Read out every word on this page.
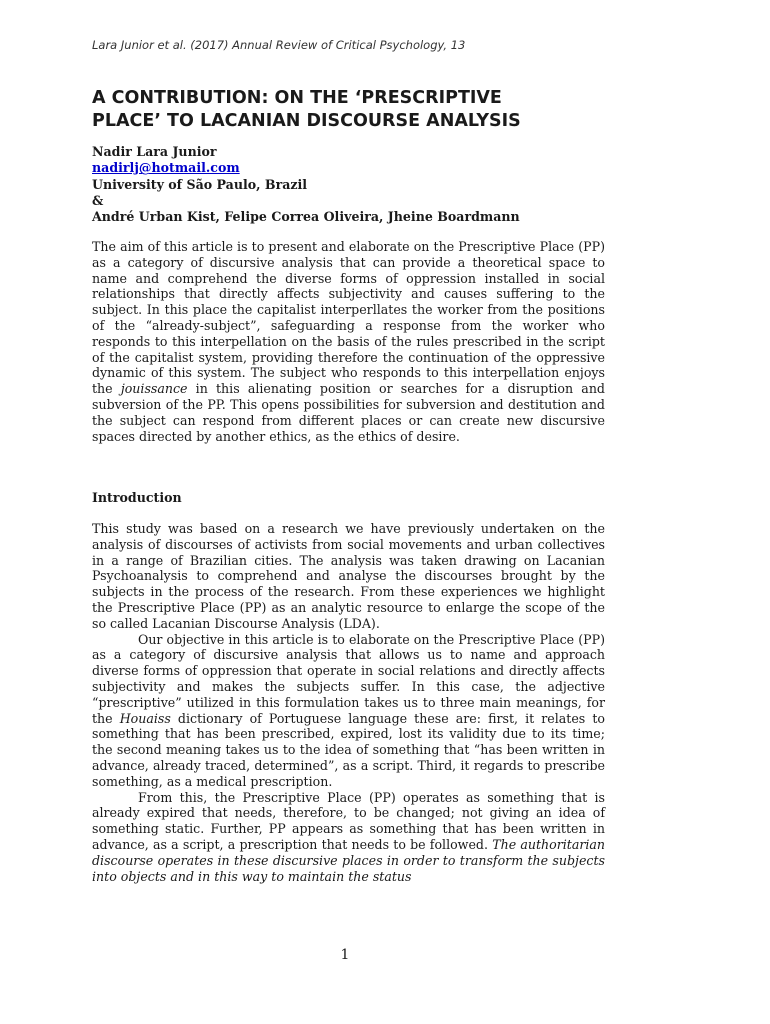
Lara Junior et al. (2017) Annual Review of Critical Psychology, 13
A CONTRIBUTION: ON THE ‘PRESCRIPTIVE
PLACE’ TO LACANIAN DISCOURSE ANALYSIS
Nadir Lara Junior
nadirlj@hotmail.com
University of São Paulo, Brazil
&
André Urban Kist, Felipe Correa Oliveira, Jheine Boardmann

The aim of this article is to present and elaborate on the Prescriptive Place (PP) as a category of discursive analysis that can provide a theoretical space to name and comprehend the diverse forms of oppression installed in social relationships that directly affects subjectivity and causes suffering to the subject. In this place the capitalist interperllates the worker from the positions of the “already-subject”, safeguarding a response from the worker who responds to this interpellation on the basis of the rules prescribed in the script of the capitalist system, providing therefore the continuation of the oppressive dynamic of this system. The subject who responds to this interpellation enjoys the jouissance in this alienating position or searches for a disruption and subversion of the PP. This opens possibilities for subversion and destitution and the subject can respond from different places or can create new discursive spaces directed by another ethics, as the ethics of desire.

Introduction

This study was based on a research we have previously undertaken on the analysis of discourses of activists from social movements and urban collectives in a range of Brazilian cities. The analysis was taken drawing on Lacanian Psychoanalysis to comprehend and analyse the discourses brought by the subjects in the process of the research. From these experiences we highlight the Prescriptive Place (PP) as an analytic resource to enlarge the scope of the so called Lacanian Discourse Analysis (LDA).

Our objective in this article is to elaborate on the Prescriptive Place (PP) as a category of discursive analysis that allows us to name and approach diverse forms of oppression that operate in social relations and directly affects subjectivity and makes the subjects suffer. In this case, the adjective “prescriptive” utilized in this formulation takes us to three main meanings, for the Houaiss dictionary of Portuguese language these are: first, it relates to something that has been prescribed, expired, lost its validity due to its time; the second meaning takes us to the idea of something that “has been written in advance, already traced, determined”, as a script. Third, it regards to prescribe something, as a medical prescription.

From this, the Prescriptive Place (PP) operates as something that is already expired that needs, therefore, to be changed; not giving an idea of something static. Further, PP appears as something that has been written in advance, as a script, a prescription that needs to be followed. The authoritarian discourse operates in these discursive places in order to transform the subjects into objects and in this way to maintain the status

1
